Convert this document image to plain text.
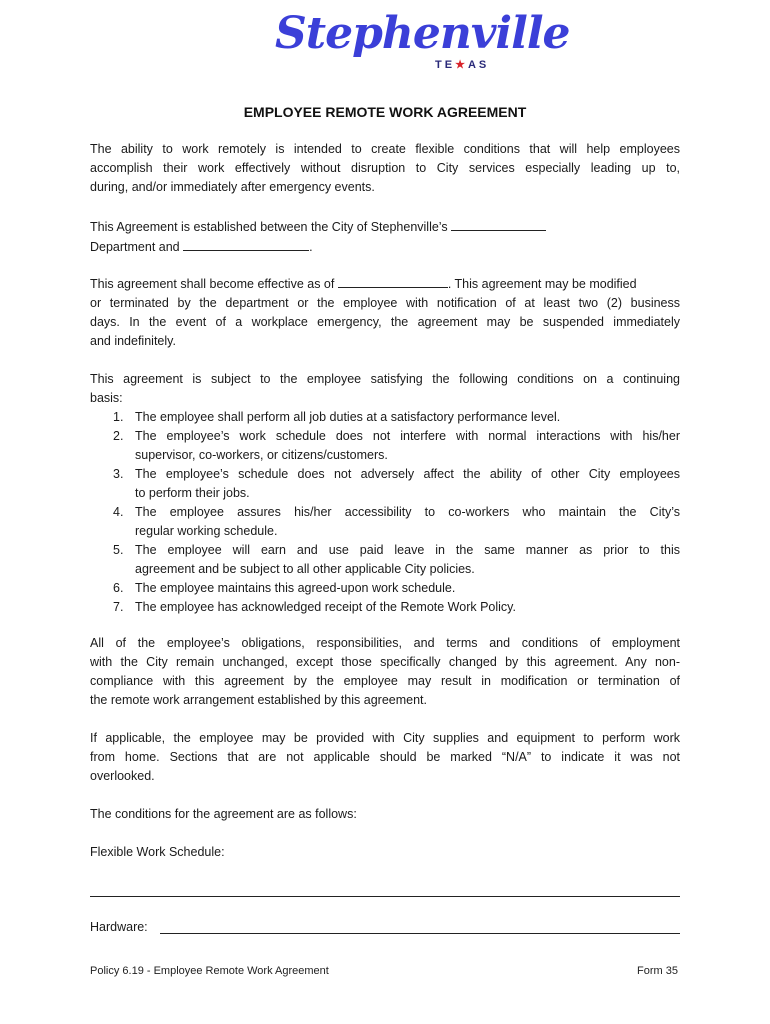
Stephenville
TE★AS
EMPLOYEE REMOTE WORK AGREEMENT

The ability to work remotely is intended to create flexible conditions that will help employees
accomplish their work effectively without disruption to City services especially leading up to,
during, and/or immediately after emergency events.

This Agreement is established between the City of Stephenville’s
Department and	.

This agreement shall become effective as of	. This agreement may be modified
or terminated by the department or the employee with notification of at least two (2) business
days. In the event of a workplace emergency, the agreement may be suspended immediately
and indefinitely.

This agreement is subject to the employee satisfying the following conditions on a continuing
basis:

1. The employee shall perform all job duties at a satisfactory performance level.
2. The employee’s work schedule does not interfere with normal interactions with his/her
supervisor, co-workers, or citizens/customers.
3. The employee’s schedule does not adversely affect the ability of other City employees
to perform their jobs.
4. The employee assures his/her accessibility to co-workers who maintain the City’s
regular working schedule.
5. The employee will earn and use paid leave in the same manner as prior to this
agreement and be subject to all other applicable City policies.
6. The employee maintains this agreed-upon work schedule.
7. The employee has acknowledged receipt of the Remote Work Policy.

All of the employee’s obligations, responsibilities, and terms and conditions of employment
with the City remain unchanged, except those specifically changed by this agreement. Any non-
compliance with this agreement by the employee may result in modification or termination of
the remote work arrangement established by this agreement.

If applicable, the employee may be provided with City supplies and equipment to perform work
from home. Sections that are not applicable should be marked “N/A” to indicate it was not
overlooked.

The conditions for the agreement are as follows:

Flexible Work Schedule:

Hardware:

Policy 6.19 - Employee Remote Work Agreement	Form 35
